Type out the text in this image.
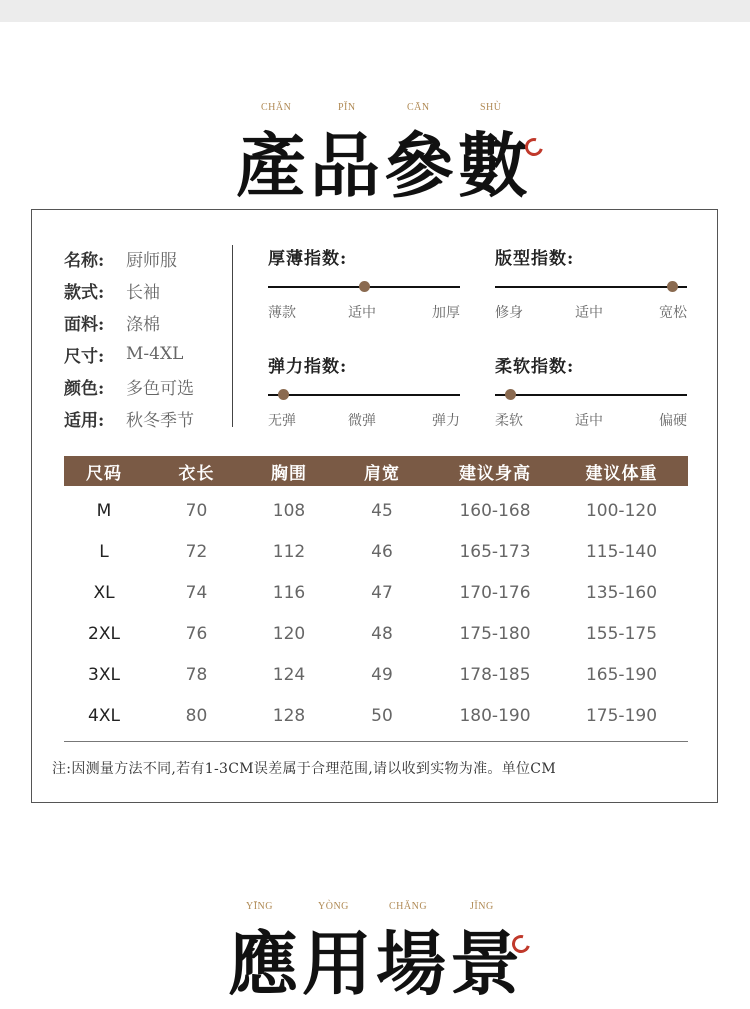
CHǍN	PǏN	CĀN	SHÙ
產品參數
名称:	厨师服
款式:	长袖
面料:	涤棉
尺寸:	M-4XL
颜色:	多色可选
适用:	秋冬季节
厚薄指数:
薄款	适中	加厚
版型指数:
修身	适中	宽松
弹力指数:
无弹	微弹	弹力
柔软指数:
柔软	适中	偏硬
尺码	衣长	胸围	肩宽	建议身高	建议体重
M	70	108	45	160-168	100-120
L	72	112	46	165-173	115-140
XL	74	116	47	170-176	135-160
2XL	76	120	48	175-180	155-175
3XL	78	124	49	178-185	165-190
4XL	80	128	50	180-190	175-190
注:因测量方法不同,若有1-3CM误差属于合理范围,请以收到实物为准。单位CM
YĪNG	YÒNG	CHǍNG	JǏNG
應用場景
